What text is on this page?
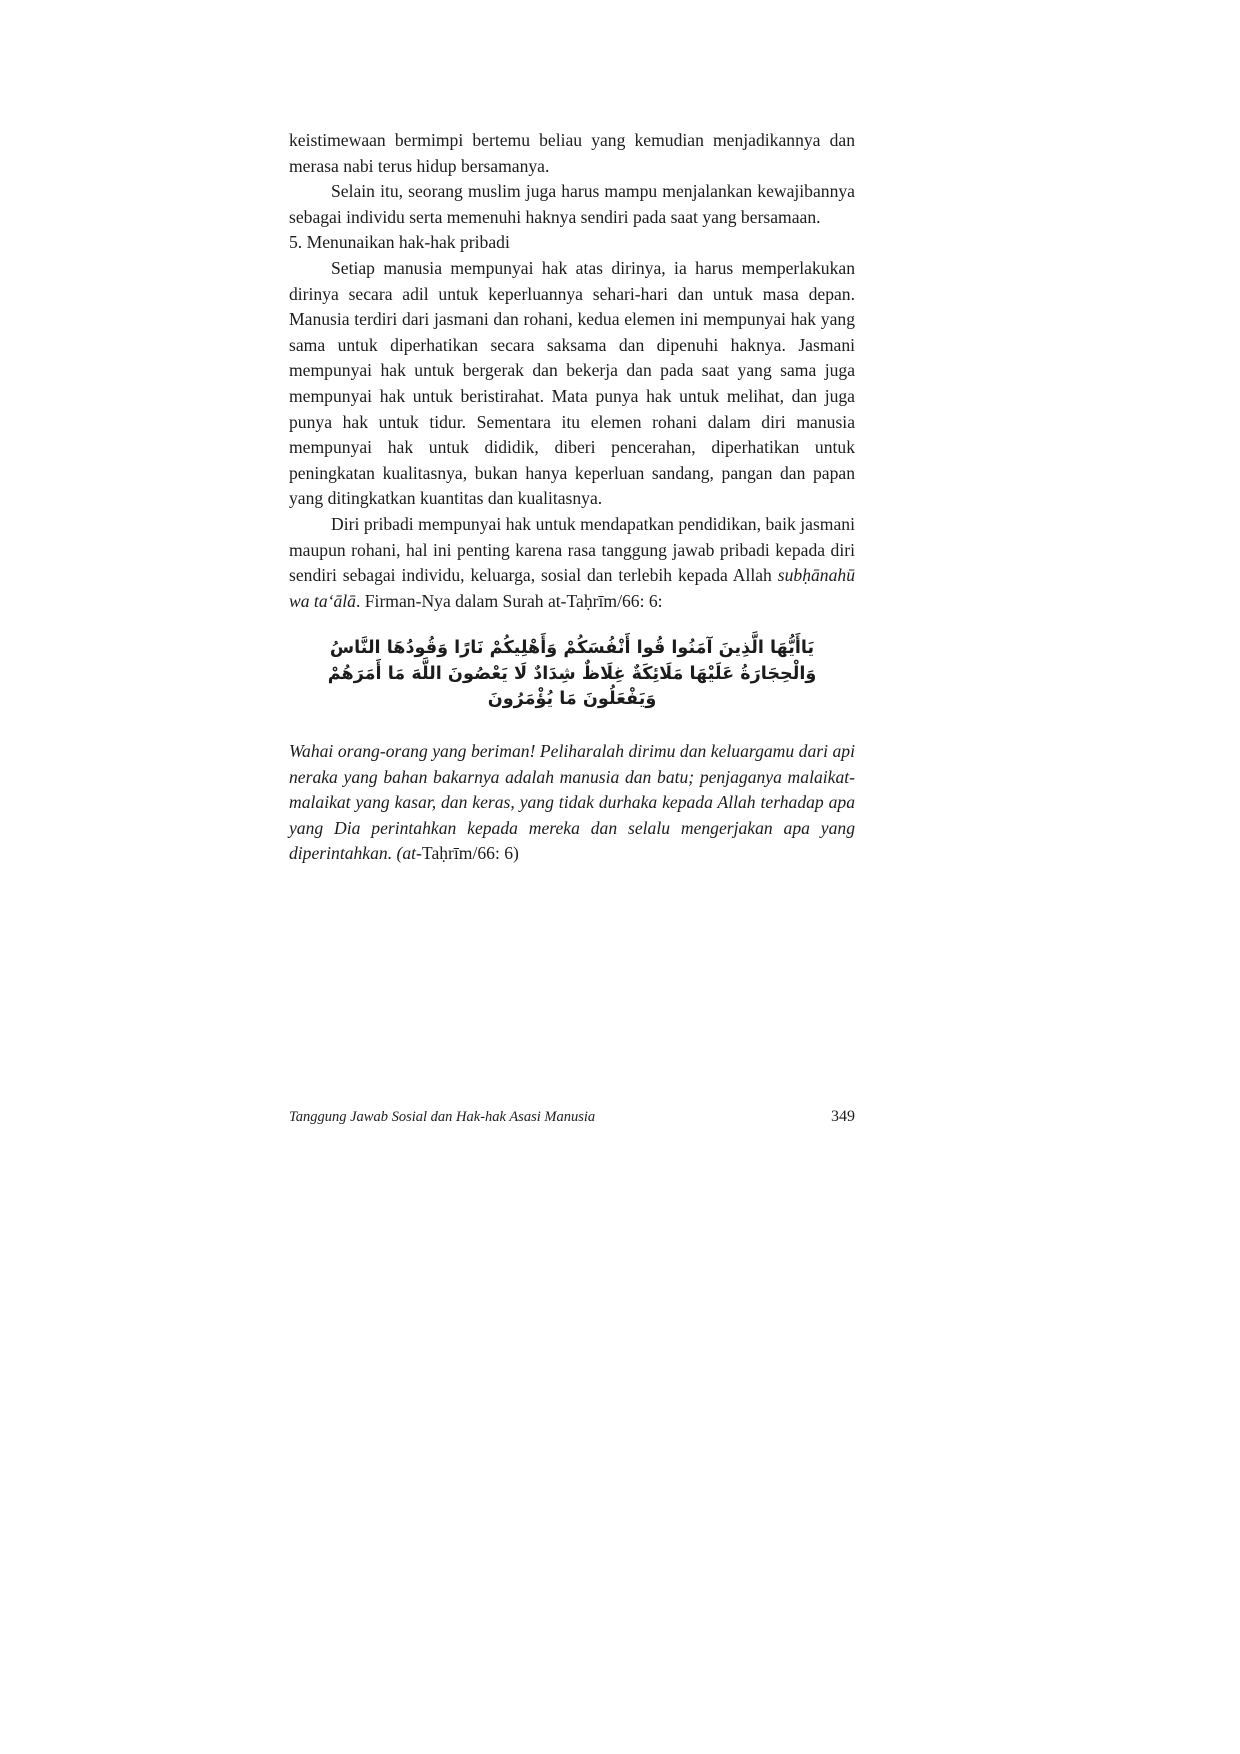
keistimewaan bermimpi bertemu beliau yang kemudian menjadikannya dan merasa nabi terus hidup bersamanya.

Selain itu, seorang muslim juga harus mampu menjalankan kewajibannya sebagai individu serta memenuhi haknya sendiri pada saat yang bersamaan.

5. Menunaikan hak-hak pribadi

Setiap manusia mempunyai hak atas dirinya, ia harus memperlakukan dirinya secara adil untuk keperluannya sehari-hari dan untuk masa depan. Manusia terdiri dari jasmani dan rohani, kedua elemen ini mempunyai hak yang sama untuk diperhatikan secara saksama dan dipenuhi haknya. Jasmani mempunyai hak untuk bergerak dan bekerja dan pada saat yang sama juga mempunyai hak untuk beristirahat. Mata punya hak untuk melihat, dan juga punya hak untuk tidur. Sementara itu elemen rohani dalam diri manusia mempunyai hak untuk dididik, diberi pencerahan, diperhatikan untuk peningkatan kualitasnya, bukan hanya keperluan sandang, pangan dan papan yang ditingkatkan kuantitas dan kualitasnya.

Diri pribadi mempunyai hak untuk mendapatkan pendidikan, baik jasmani maupun rohani, hal ini penting karena rasa tanggung jawab pribadi kepada diri sendiri sebagai individu, keluarga, sosial dan terlebih kepada Allah subḥānahū wa ta‘ālā. Firman-Nya dalam Surah at-Taḥrīm/66: 6:

يَاأَيُّهَا الَّذِينَ آمَنُوا قُوا أَنْفُسَكُمْ وَأَهْلِيكُمْ نَارًا وَقُودُهَا النَّاسُ وَالْحِجَارَةُ عَلَيْهَا مَلَائِكَةٌ غِلَاظٌ شِدَادٌ لَا يَعْصُونَ اللَّهَ مَا أَمَرَهُمْ وَيَفْعَلُونَ مَا يُؤْمَرُونَ

Wahai orang-orang yang beriman! Peliharalah dirimu dan keluargamu dari api neraka yang bahan bakarnya adalah manusia dan batu; penjaganya malaikat-malaikat yang kasar, dan keras, yang tidak durhaka kepada Allah terhadap apa yang Dia perintahkan kepada mereka dan selalu mengerjakan apa yang diperintahkan. (at-Taḥrīm/66: 6)

Tanggung Jawab Sosial dan Hak-hak Asasi Manusia	349
